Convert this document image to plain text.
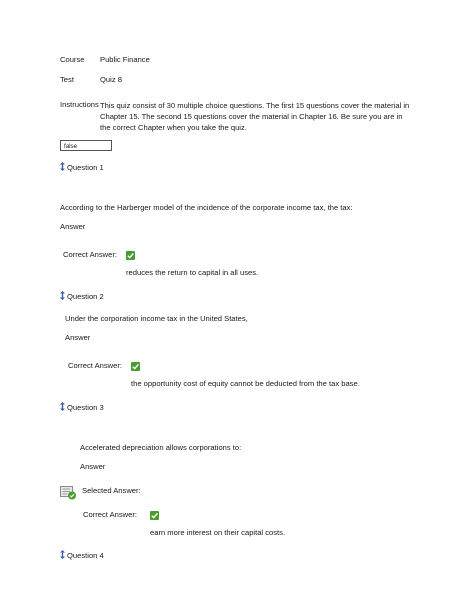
Course Public Finance
Test	Quiz 8
Instructions This quiz consist of 30 multiple choice questions. The first 15 questions cover the material in Chapter 15. The second 15 questions cover the material in Chapter 16. Be sure you are in the correct Chapter when you take the quiz.
false
Question 1
According to the Harberger model of the incidence of the corporate income tax, the tax:
Answer
Correct Answer:
reduces the return to capital in all uses.
Question 2
Under the corporation income tax in the United States,
Answer
Correct Answer:
the opportunity cost of equity cannot be deducted from the tax base.
Question 3
Accelerated depreciation allows corporations to:
Answer
Selected Answer:
Correct Answer:
earn more interest on their capital costs.
Question 4
